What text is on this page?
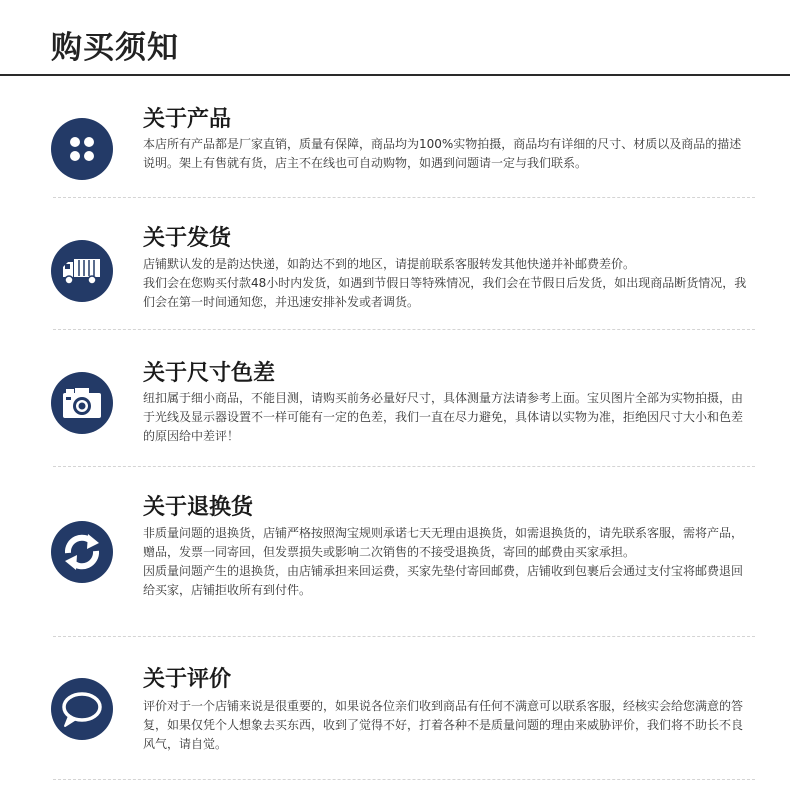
购买须知
关于产品

本店所有产品都是厂家直销，质量有保障，商品均为100%实物拍摄，商品均有详细的尺寸、材质以及商品的描述说明。架上有售就有货，店主不在线也可自动购物，如遇到问题请一定与我们联系。

关于发货

店铺默认发的是韵达快递，如韵达不到的地区，请提前联系客服转发其他快递并补邮费差价。

我们会在您购买付款48小时内发货，如遇到节假日等特殊情况，我们会在节假日后发货，如出现商品断货情况，我们会在第一时间通知您，并迅速安排补发或者调货。

关于尺寸色差

纽扣属于细小商品，不能目测，请购买前务必量好尺寸，具体测量方法请参考上面。宝贝图片全部为实物拍摄，由于光线及显示器设置不一样可能有一定的色差，我们一直在尽力避免，具体请以实物为准，拒绝因尺寸大小和色差的原因给中差评！

关于退换货

非质量问题的退换货，店铺严格按照淘宝规则承诺七天无理由退换货，如需退换货的，请先联系客服，需将产品，赠品，发票一同寄回，但发票损失或影响二次销售的不接受退换货，寄回的邮费由买家承担。

因质量问题产生的退换货，由店铺承担来回运费，买家先垫付寄回邮费，店铺收到包裹后会通过支付宝将邮费退回给买家，店铺拒收所有到付件。

关于评价

评价对于一个店铺来说是很重要的，如果说各位亲们收到商品有任何不满意可以联系客服，经核实会给您满意的答复，如果仅凭个人想象去买东西，收到了觉得不好，打着各种不是质量问题的理由来威胁评价，我们将不助长不良风气，请自觉。
